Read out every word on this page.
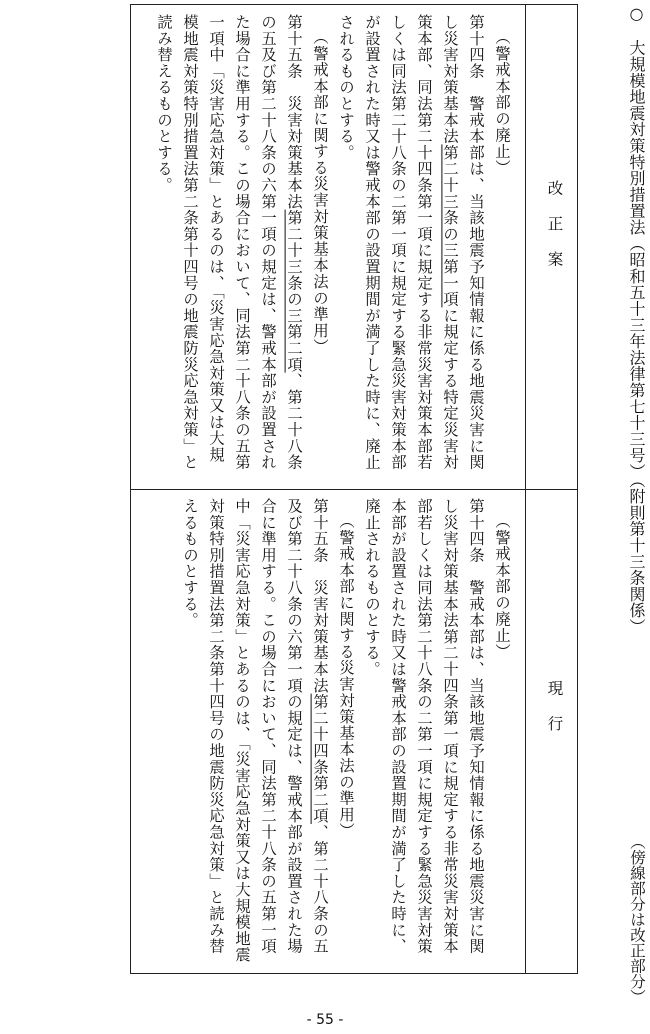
○　大規模地震対策特別措置法（昭和五十三年法律第七十三号）（附則第十三条関係）
（傍線部分は改正部分）
改正案
現行

（警戒本部の廃止）

第十四条　警戒本部は、当該地震予知情報に係る地震災害に関し災害対策基本法第二十三条の三第一項に規定する特定災害対策本部、同法第二十四条第一項に規定する非常災害対策本部若しくは同法第二十八条の二第一項に規定する緊急災害対策本部が設置された時又は警戒本部の設置期間が満了した時に、廃止されるものとする。

（警戒本部に関する災害対策基本法の準用）

第十五条　災害対策基本法第二十三条の三第二項、第二十八条の五及び第二十八条の六第一項の規定は、警戒本部が設置された場合に準用する。この場合において、同法第二十八条の五第一項中「災害応急対策」とあるのは、「災害応急対策又は大規模地震対策特別措置法第二条第十四号の地震防災応急対策」と読み替えるものとする。

（警戒本部の廃止）

第十四条　警戒本部は、当該地震予知情報に係る地震災害に関し災害対策基本法第二十四条第一項に規定する非常災害対策本部若しくは同法第二十八条の二第一項に規定する緊急災害対策本部が設置された時又は警戒本部の設置期間が満了した時に、廃止されるものとする。

（警戒本部に関する災害対策基本法の準用）

第十五条　災害対策基本法第二十四条第二項、第二十八条の五及び第二十八条の六第一項の規定は、警戒本部が設置された場合に準用する。この場合において、同法第二十八条の五第一項中「災害応急対策」とあるのは、「災害応急対策又は大規模地震対策特別措置法第二条第十四号の地震防災応急対策」と読み替えるものとする。

- 55 -
